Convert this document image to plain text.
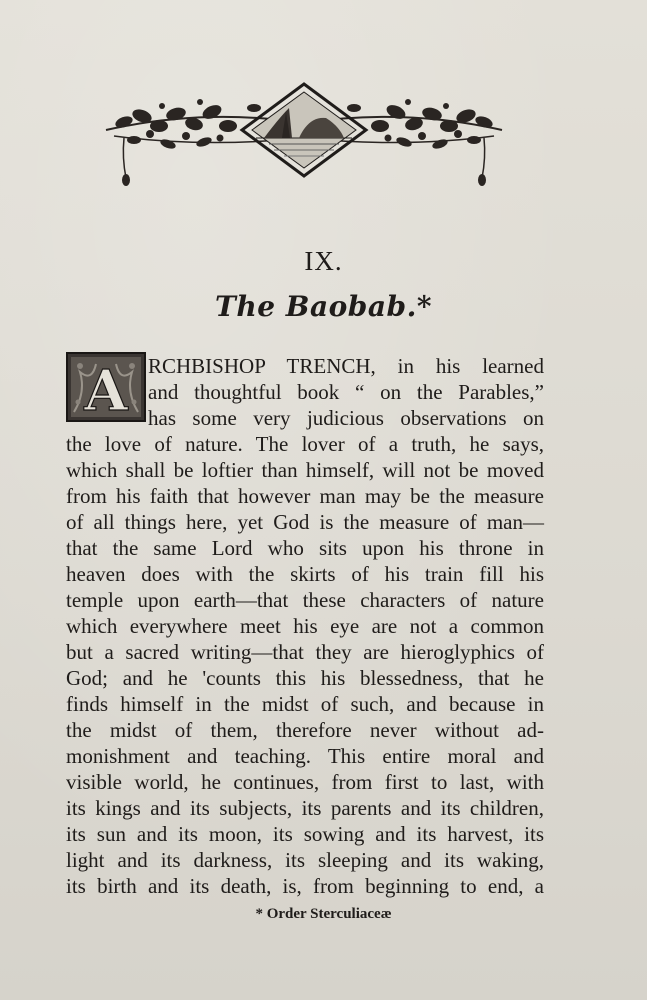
IX.
The Baobab.*
A RCHBISHOP TRENCH, in his learned
and thoughtful book “ on the Parables,”
has some very judicious observations on
the love of nature. The lover of a truth, he says,
which shall be loftier than himself, will not be moved
from his faith that however man may be the measure
of all things here, yet God is the measure of man—
that the same Lord who sits upon his throne in
heaven does with the skirts of his train fill his
temple upon earth—that these characters of nature
which everywhere meet his eye are not a common
but a sacred writing—that they are hieroglyphics of
God; and he 'counts this his blessedness, that he
finds himself in the midst of such, and because in
the midst of them, therefore never without ad-
monishment and teaching. This entire moral and
visible world, he continues, from first to last, with
its kings and its subjects, its parents and its children,
its sun and its moon, its sowing and its harvest, its
light and its darkness, its sleeping and its waking,
its birth and its death, is, from beginning to end, a
* Order Sterculiaceæ
